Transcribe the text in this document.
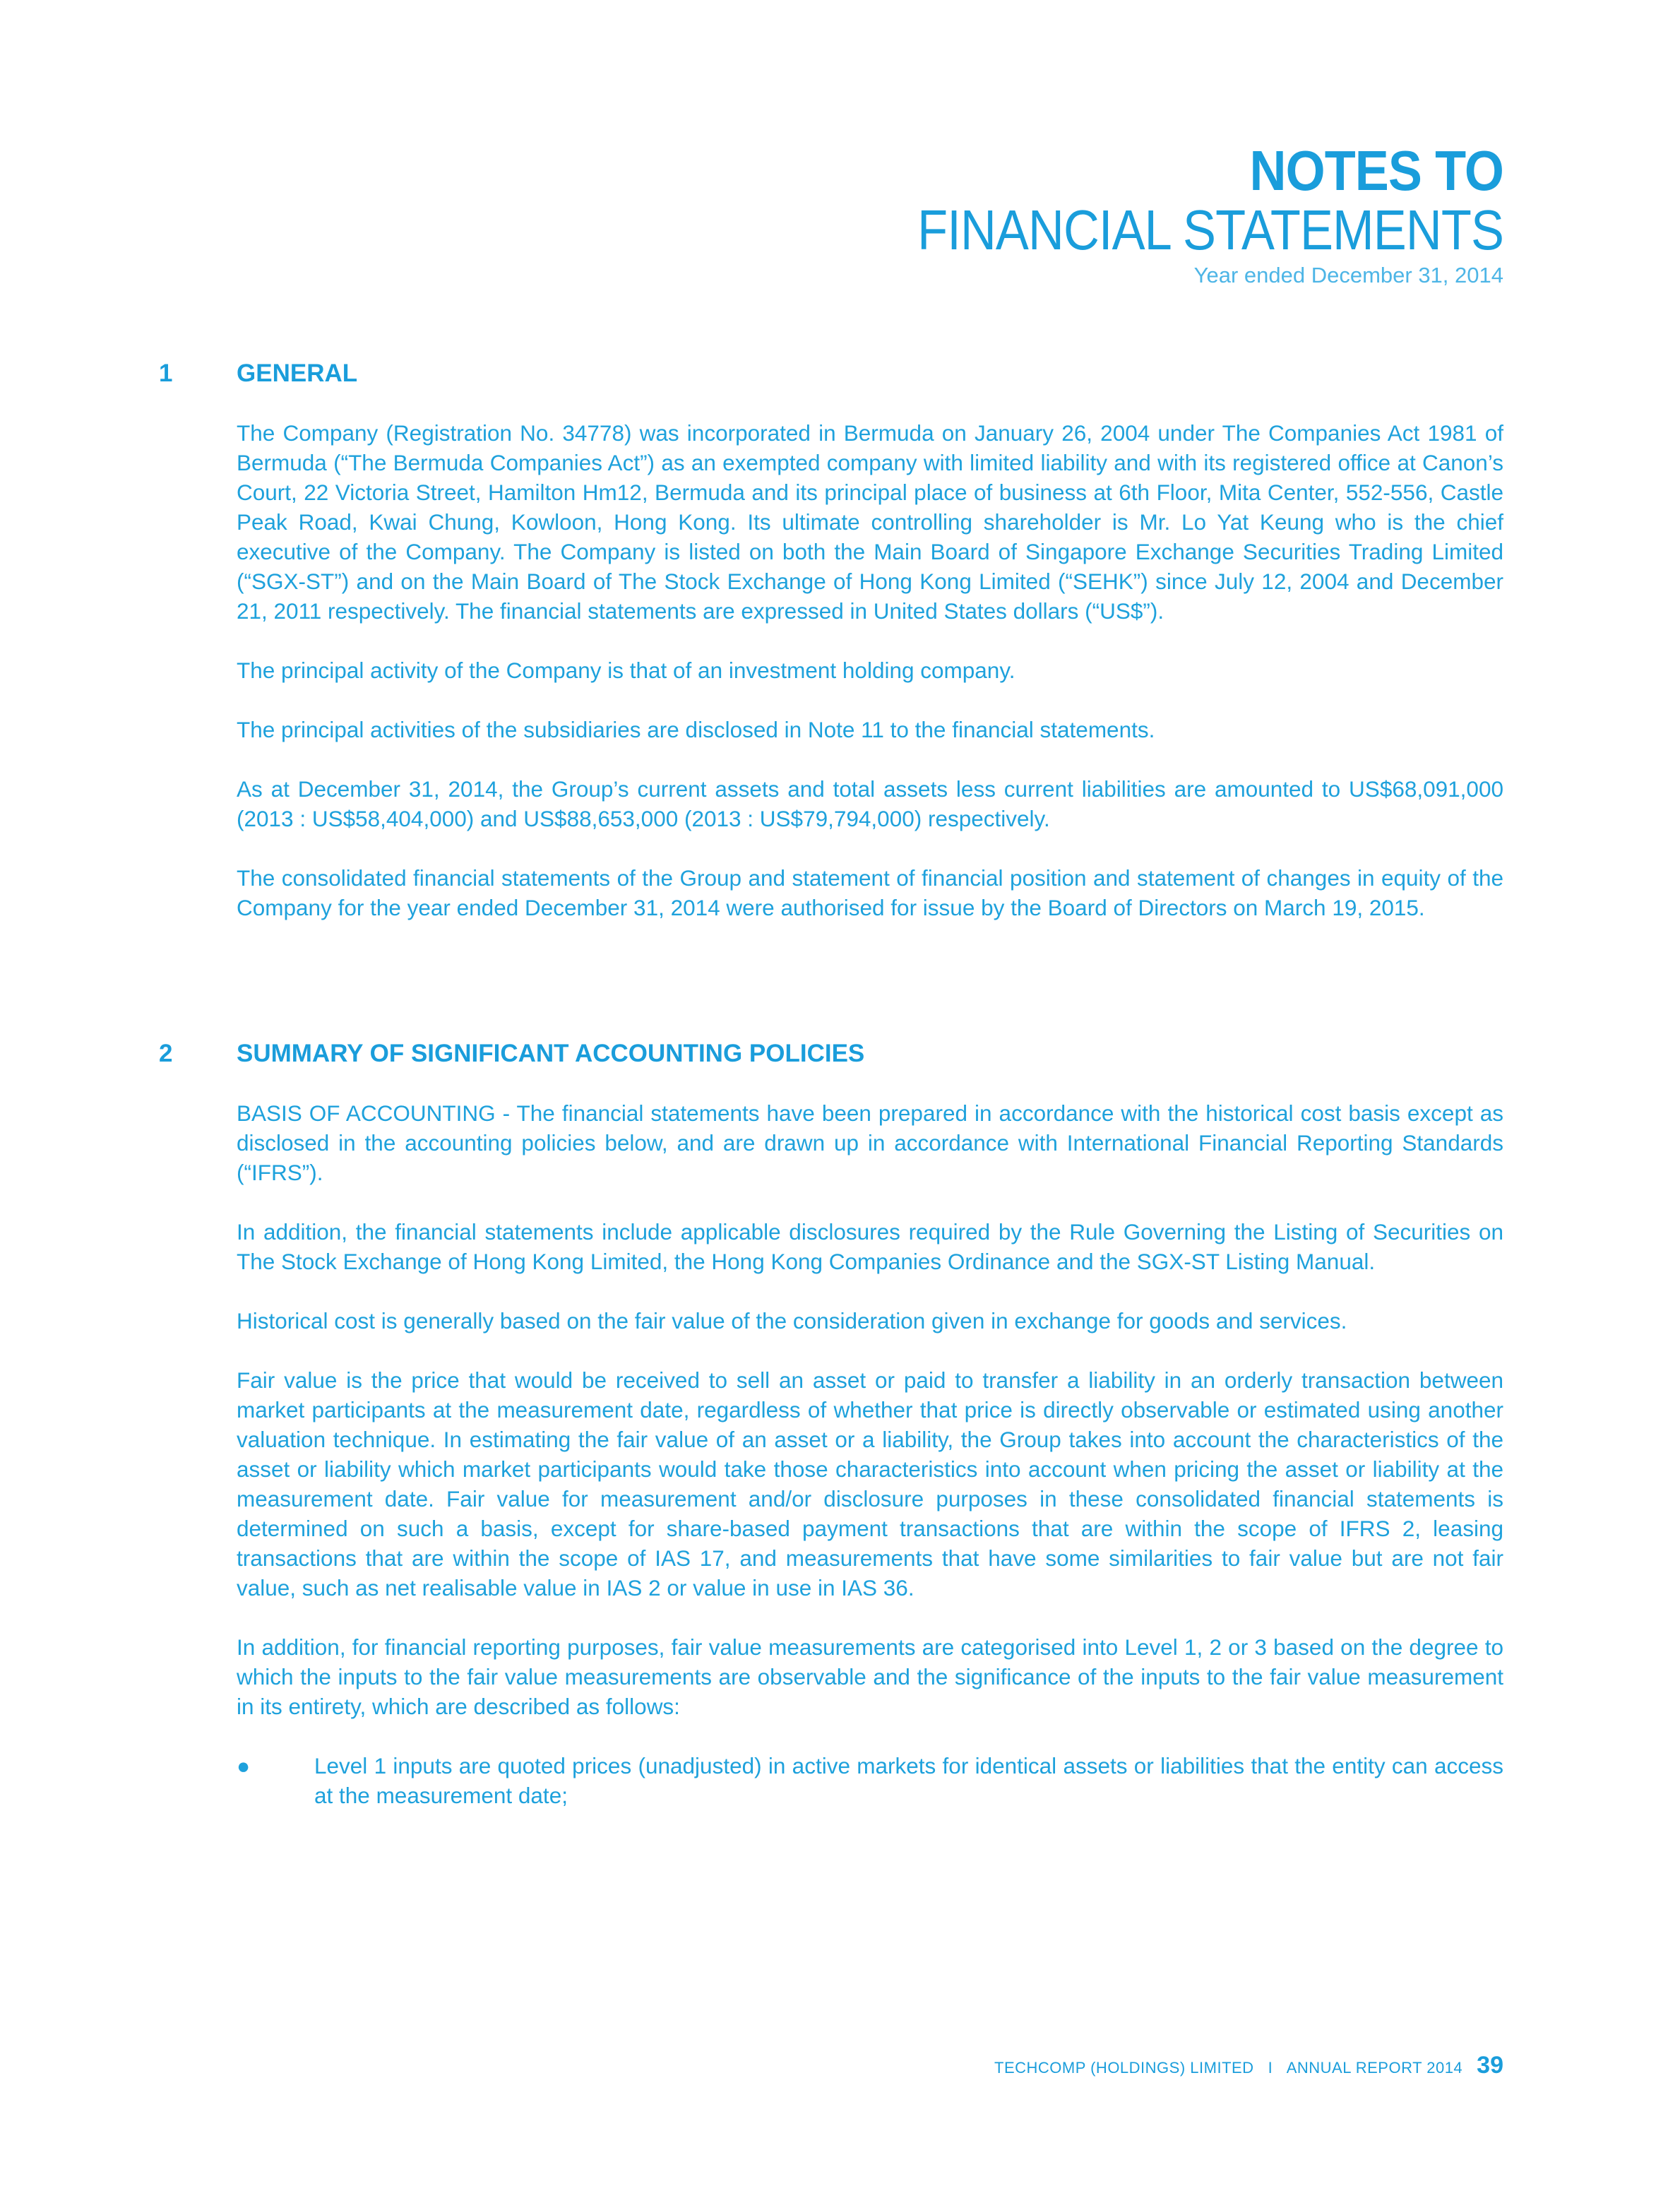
NOTES TO
FINANCIAL STATEMENTS
Year ended December 31, 2014
1	GENERAL

The Company (Registration No. 34778) was incorporated in Bermuda on January 26, 2004 under The Companies Act 1981 of Bermuda (“The Bermuda Companies Act”) as an exempted company with limited liability and with its registered office at Canon’s Court, 22 Victoria Street, Hamilton Hm12, Bermuda and its principal place of business at 6th Floor, Mita Center, 552-556, Castle Peak Road, Kwai Chung, Kowloon, Hong Kong. Its ultimate controlling shareholder is Mr. Lo Yat Keung who is the chief executive of the Company. The Company is listed on both the Main Board of Singapore Exchange Securities Trading Limited (“SGX-ST”) and on the Main Board of The Stock Exchange of Hong Kong Limited (“SEHK”) since July 12, 2004 and December 21, 2011 respectively. The financial statements are expressed in United States dollars (“US$”).

The principal activity of the Company is that of an investment holding company.

The principal activities of the subsidiaries are disclosed in Note 11 to the financial statements.

As at December 31, 2014, the Group’s current assets and total assets less current liabilities are amounted to US$68,091,000 (2013 : US$58,404,000) and US$88,653,000 (2013 : US$79,794,000) respectively.

The consolidated financial statements of the Group and statement of financial position and statement of changes in equity of the Company for the year ended December 31, 2014 were authorised for issue by the Board of Directors on March 19, 2015.

2	SUMMARY OF SIGNIFICANT ACCOUNTING POLICIES

BASIS OF ACCOUNTING - The financial statements have been prepared in accordance with the historical cost basis except as disclosed in the accounting policies below, and are drawn up in accordance with International Financial Reporting Standards (“IFRS”).

In addition, the financial statements include applicable disclosures required by the Rule Governing the Listing of Securities on The Stock Exchange of Hong Kong Limited, the Hong Kong Companies Ordinance and the SGX-ST Listing Manual.

Historical cost is generally based on the fair value of the consideration given in exchange for goods and services.

Fair value is the price that would be received to sell an asset or paid to transfer a liability in an orderly transaction between market participants at the measurement date, regardless of whether that price is directly observable or estimated using another valuation technique. In estimating the fair value of an asset or a liability, the Group takes into account the characteristics of the asset or liability which market participants would take those characteristics into account when pricing the asset or liability at the measurement date. Fair value for measurement and/or disclosure purposes in these consolidated financial statements is determined on such a basis, except for share-based payment transactions that are within the scope of IFRS 2, leasing transactions that are within the scope of IAS 17, and measurements that have some similarities to fair value but are not fair value, such as net realisable value in IAS 2 or value in use in IAS 36.

In addition, for financial reporting purposes, fair value measurements are categorised into Level 1, 2 or 3 based on the degree to which the inputs to the fair value measurements are observable and the significance of the inputs to the fair value measurement in its entirety, which are described as follows:

●	Level 1 inputs are quoted prices (unadjusted) in active markets for identical assets or liabilities that the entity can access at the measurement date;

TECHCOMP (HOLDINGS) LIMITED I ANNUAL REPORT 2014 39
